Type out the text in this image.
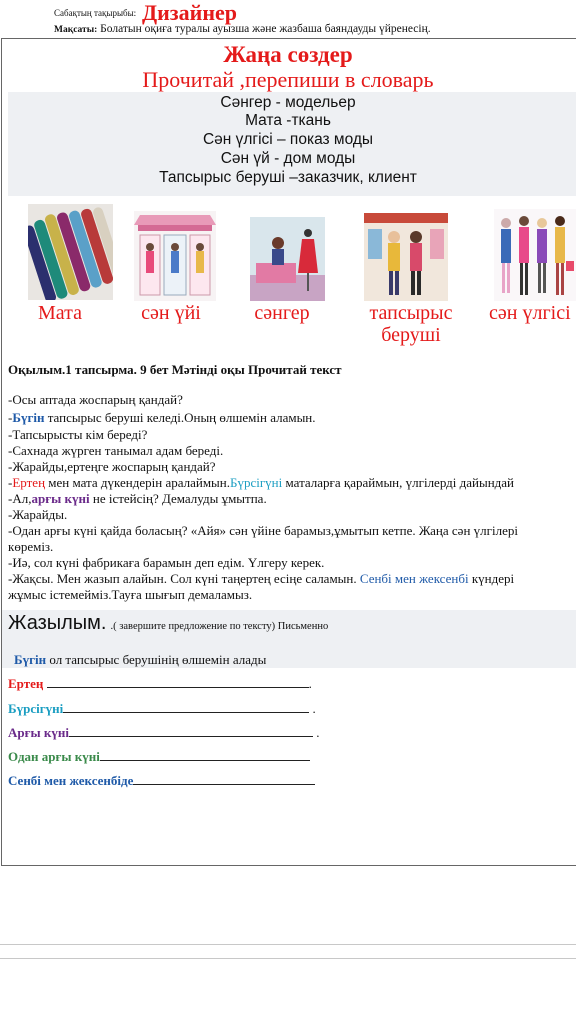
Сабақтың тақырыбы: Дизайнер
Мақсаты: Болатын оқиға туралы ауызша және жазбаша баяндауды үйренесің.
Жаңа сөздер
Прочитай ,перепиши в словарь
Сәнгер - модельер
Мата -ткань
Сән үлгісі – показ моды
Сән үй - дом моды
Тапсырыс беруші –заказчик, клиент
Мата	сән үйі	сәнгер	тапсырыс беруші
сән үлгісі
Оқылым.1 тапсырма. 9 бет Мәтінді оқы Прочитай текст
-Осы аптада жоспарың қандай?
-Бүгін тапсырыс беруші келеді.Оның өлшемін аламын.
-Тапсырысты кім береді?
-Сахнада жүрген танымал адам береді.
-Жарайды,ертеңге жоспарың қандай?
-Ертең мен мата дүкендерін аралаймын.Бүрсігүні маталарға қараймын, үлгілерді дайындай
-Ал,арғы күні не істейсің? Демалуды ұмытпа.
-Жарайды.
-Одан арғы күні қайда боласың? «Айя» сән үйіне барамыз,ұмытып кетпе. Жаңа сән үлгілері
көреміз.
-Иә, сол күні фабрикаға барамын деп едім. Үлгеру керек.
-Жақсы. Мен жазып алайын. Сол күні таңертең есіңе саламын. Сенбі мен жексенбі күндері
жұмыс істемейміз.Тауға шығып демаламыз.
Жазылым. .( завершите предложение по тексту) Письменно
Бүгін ол тапсырыс берушінің өлшемін алады
Ертең	.
Бүрсігүні	.
Арғы күні	.
Одан арғы күні
Сенбі мен жексенбіде
